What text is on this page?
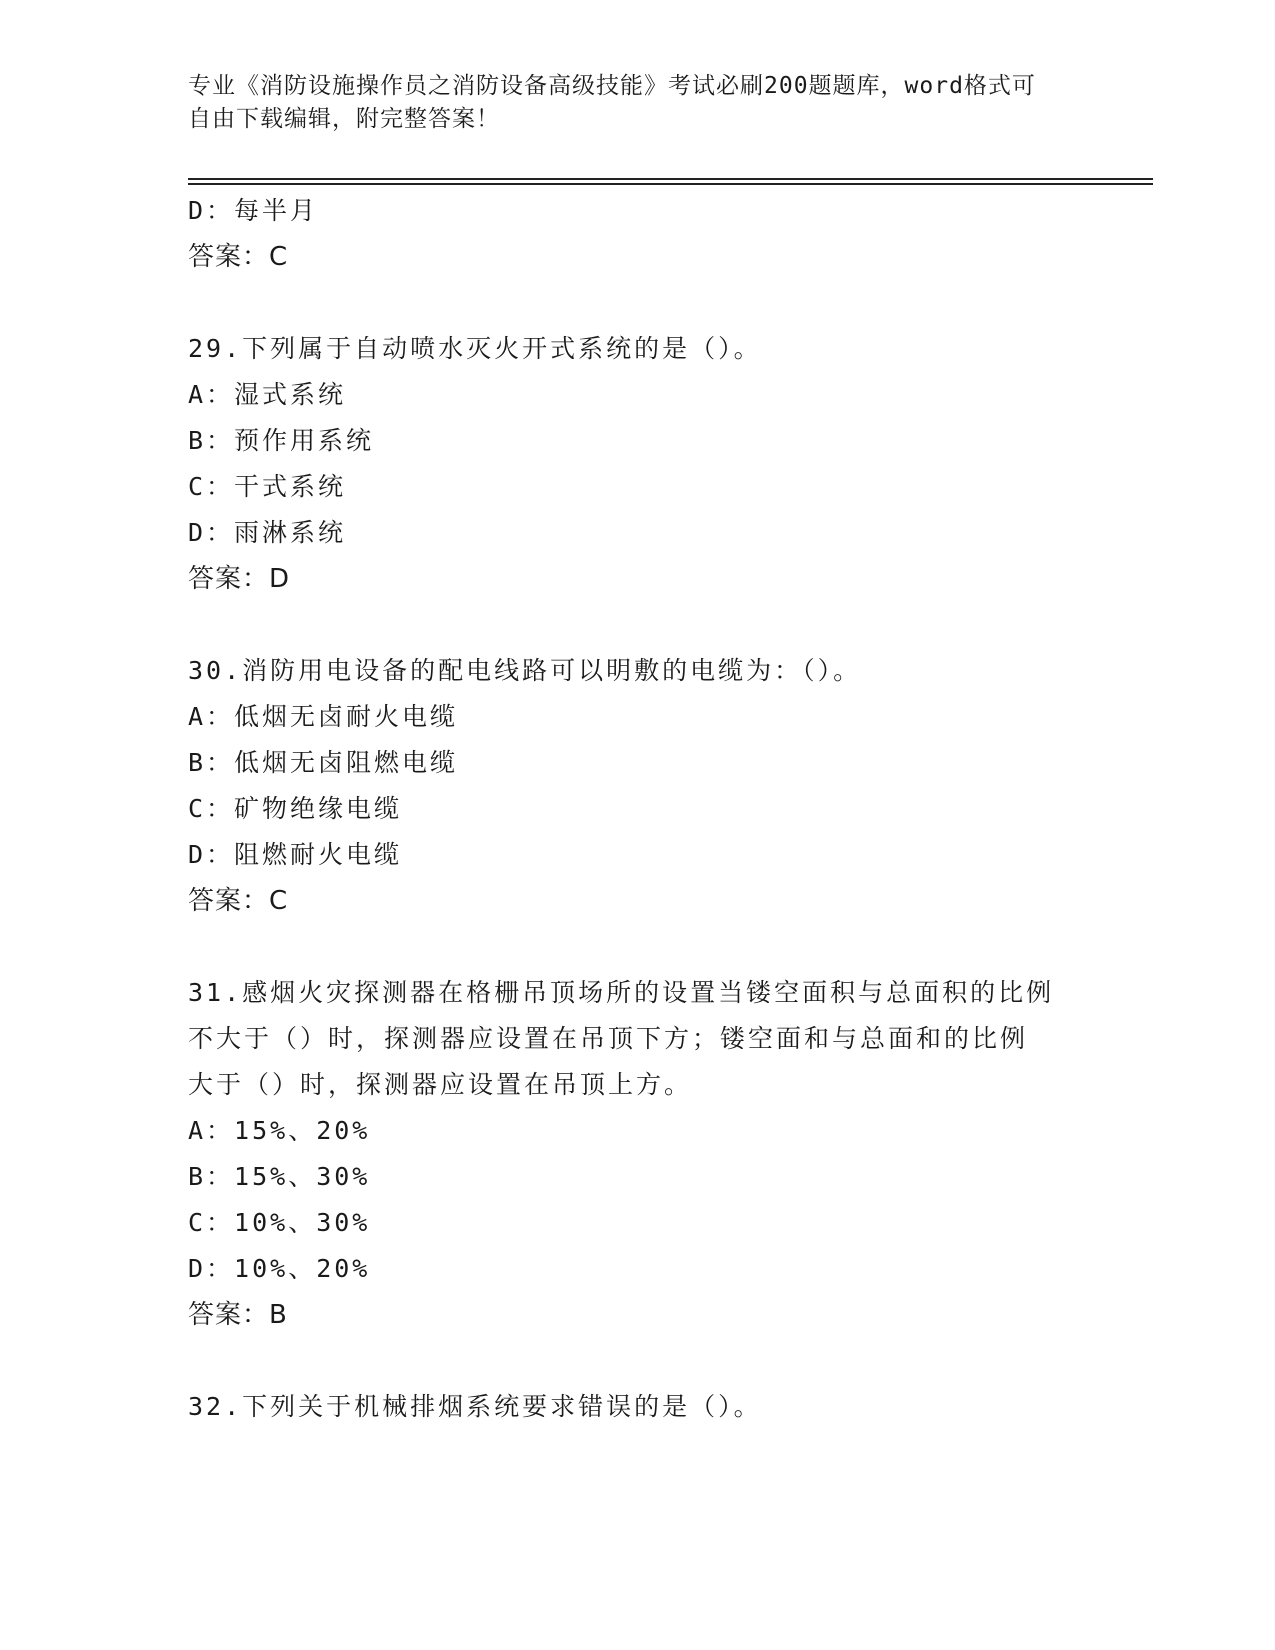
专业《消防设施操作员之消防设备高级技能》考试必刷200题题库，word格式可
自由下载编辑，附完整答案！
D：每半月
答案：C
29.下列属于自动喷水灭火开式系统的是（）。
A：湿式系统
B：预作用系统
C：干式系统
D：雨淋系统
答案：D
30.消防用电设备的配电线路可以明敷的电缆为：（）。
A：低烟无卤耐火电缆
B：低烟无卤阻燃电缆
C：矿物绝缘电缆
D：阻燃耐火电缆
答案：C
31.感烟火灾探测器在格栅吊顶场所的设置当镂空面积与总面积的比例
不大于（）时，探测器应设置在吊顶下方；镂空面和与总面和的比例
大于（）时，探测器应设置在吊顶上方。
A：15%、20%
B：15%、30%
C：10%、30%
D：10%、20%
答案：B
32.下列关于机械排烟系统要求错误的是（）。
